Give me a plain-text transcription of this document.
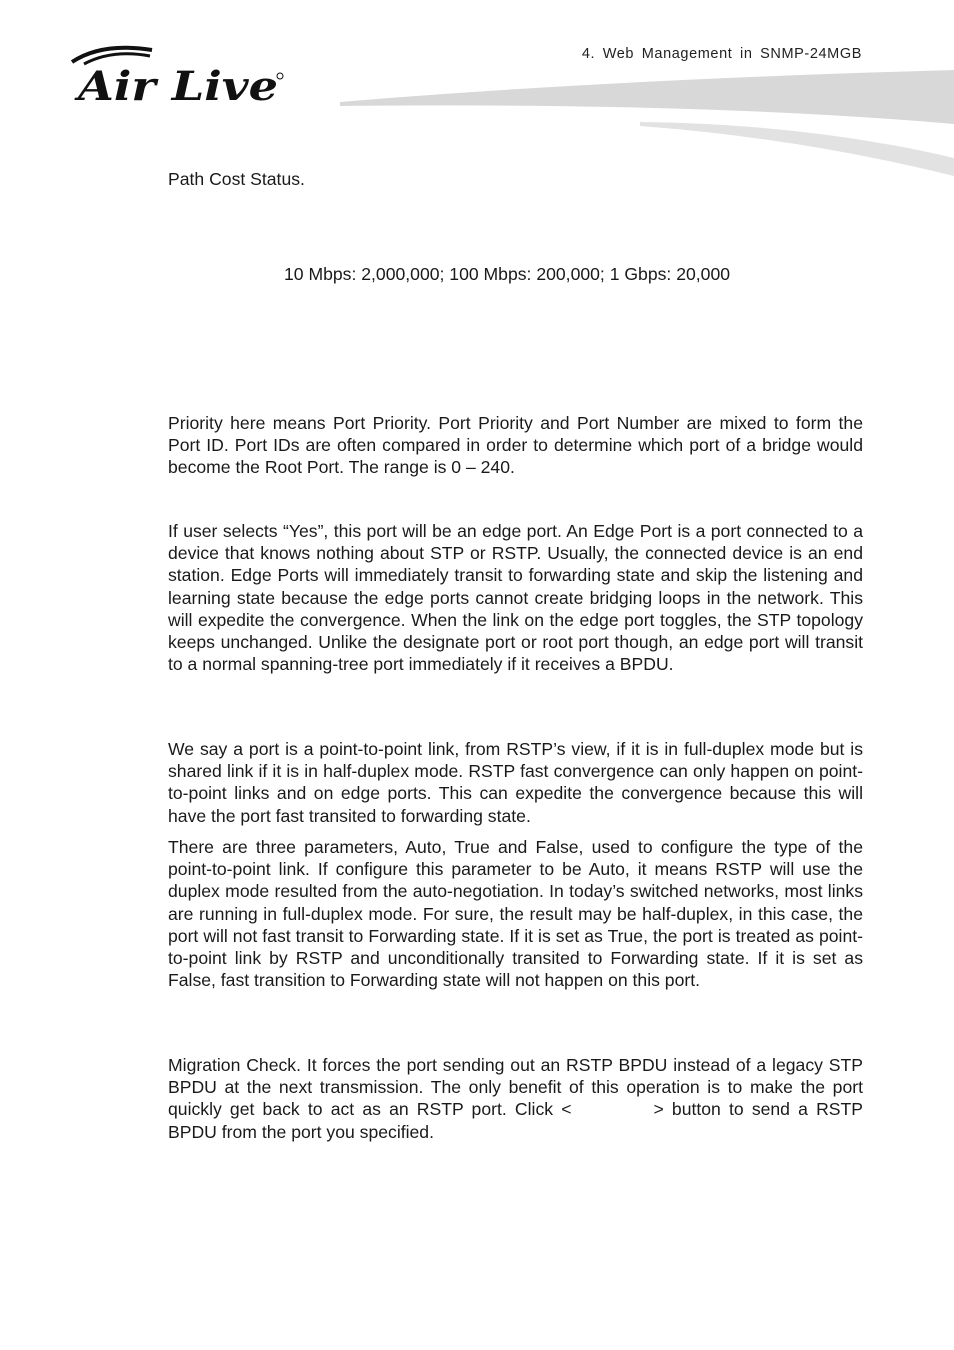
Air Live
4. Web Management in SNMP-24MGB

Path Cost Status.

10 Mbps: 2,000,000; 100 Mbps: 200,000; 1 Gbps: 20,000

Priority here means Port Priority. Port Priority and Port Number are mixed to form the Port ID. Port IDs are often compared in order to determine which port of a bridge would become the Root Port. The range is 0 – 240.

If user selects “Yes”, this port will be an edge port. An Edge Port is a port connected to a device that knows nothing about STP or RSTP. Usually, the connected device is an end station. Edge Ports will immediately transit to forwarding state and skip the listening and learning state because the edge ports cannot create bridging loops in the network. This will expedite the convergence. When the link on the edge port toggles, the STP topology keeps unchanged. Unlike the designate port or root port though, an edge port will transit to a normal spanning-tree port immediately if it receives a BPDU.

We say a port is a point-to-point link, from RSTP’s view, if it is in full-duplex mode but is shared link if it is in half-duplex mode. RSTP fast convergence can only happen on point-to-point links and on edge ports. This can expedite the convergence because this will have the port fast transited to forwarding state.

There are three parameters, Auto, True and False, used to configure the type of the point-to-point link. If configure this parameter to be Auto, it means RSTP will use the duplex mode resulted from the auto-negotiation. In today’s switched networks, most links are running in full-duplex mode. For sure, the result may be half-duplex, in this case, the port will not fast transit to Forwarding state. If it is set as True, the port is treated as point-to-point link by RSTP and unconditionally transited to Forwarding state. If it is set as False, fast transition to Forwarding state will not happen on this port.

Migration Check. It forces the port sending out an RSTP BPDU instead of a legacy STP BPDU at the next transmission. The only benefit of this operation is to make the port quickly get back to act as an RSTP port. Click <	> button to send a RSTP BPDU from the port you specified.
